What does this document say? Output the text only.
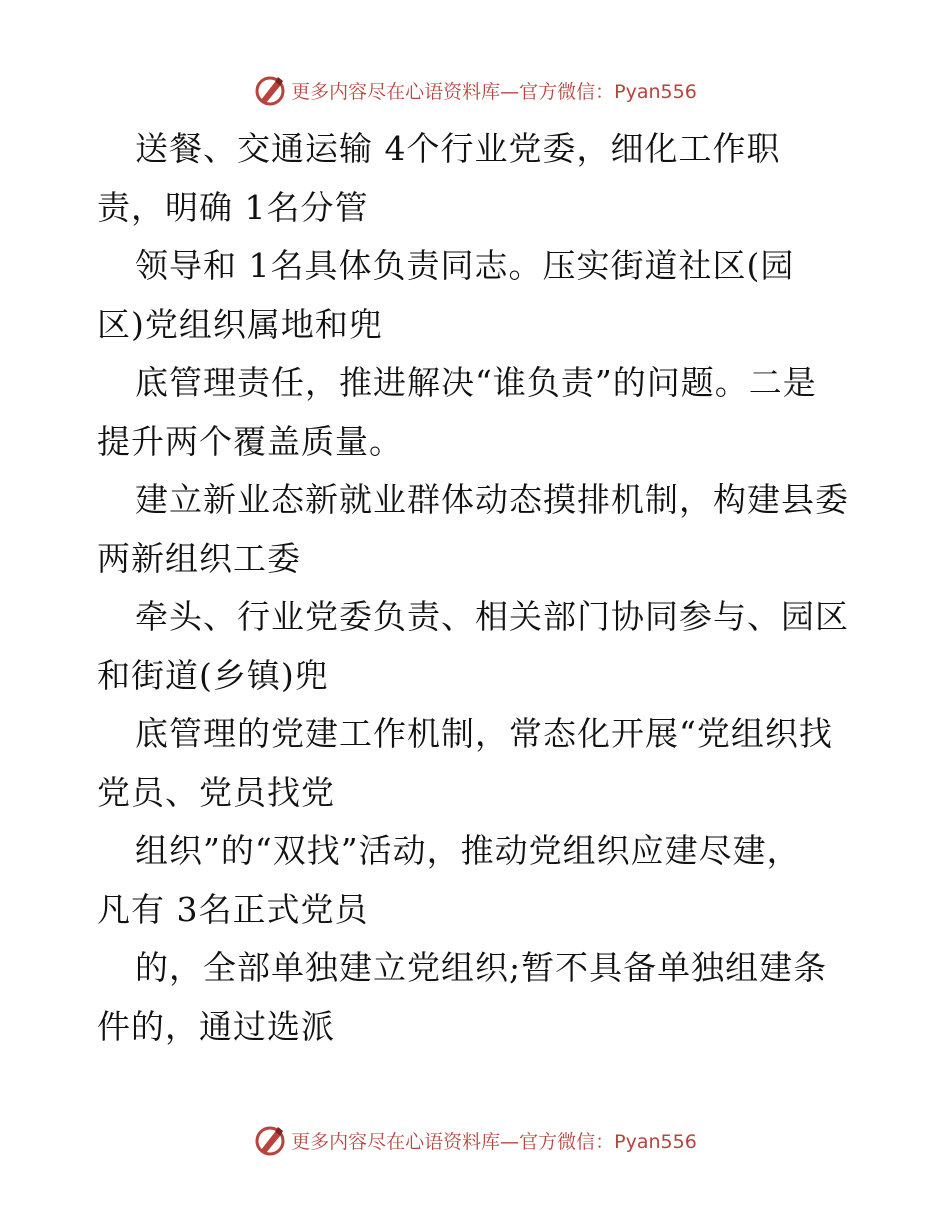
更多内容尽在心语资料库—官方微信：Pyan556
送餐、交通运输 4个行业党委，细化工作职
责，明确 1名分管
领导和 1名具体负责同志。压实街道社区(园
区)党组织属地和兜
底管理责任，推进解决“谁负责”的问题。二是
提升两个覆盖质量。
建立新业态新就业群体动态摸排机制，构建县委
两新组织工委
牵头、行业党委负责、相关部门协同参与、园区
和街道(乡镇)兜
底管理的党建工作机制，常态化开展“党组织找
党员、党员找党
组织”的“双找”活动，推动党组织应建尽建，
凡有 3名正式党员
的，全部单独建立党组织;暂不具备单独组建条
件的，通过选派
更多内容尽在心语资料库—官方微信：Pyan556
